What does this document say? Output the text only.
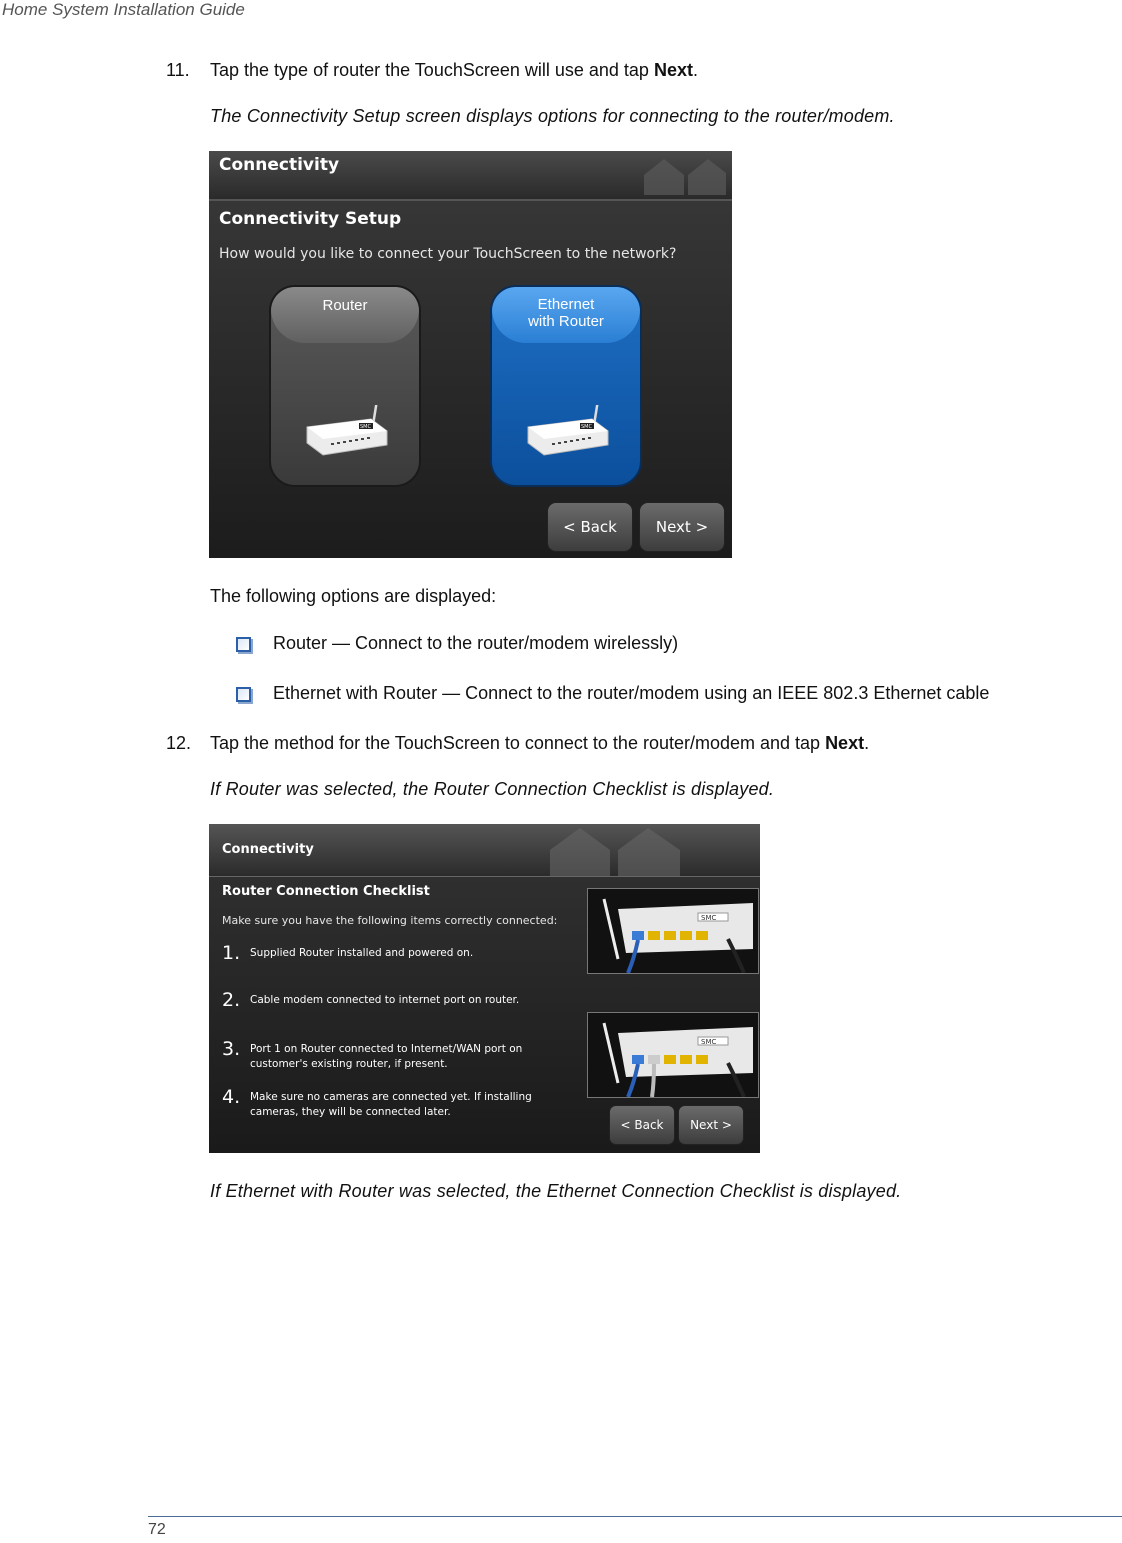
Home System Installation Guide
11. Tap the type of router the TouchScreen will use and tap Next.
The Connectivity Setup screen displays options for connecting to the router/modem.
Connectivity
Connectivity Setup
How would you like to connect your TouchScreen to the network?
Router
SMC
Ethernet
with Router
SMC
< Back	Next >
The following options are displayed:
Router — Connect to the router/modem wirelessly)
Ethernet with Router — Connect to the router/modem using an IEEE 802.3 Ethernet cable
12. Tap the method for the TouchScreen to connect to the router/modem and tap Next.
If Router was selected, the Router Connection Checklist is displayed.
Connectivity
Router Connection Checklist
Make sure you have the following items correctly connected:
1. Supplied Router installed and powered on.
2. Cable modem connected to internet port on router.
3. Port 1 on Router connected to Internet/WAN port on
customer's existing router, if present.
4. Make sure no cameras are connected yet. If installing
cameras, they will be connected later.
SMC
SMC
< Back	Next >
If Ethernet with Router was selected, the Ethernet Connection Checklist is displayed.
72
